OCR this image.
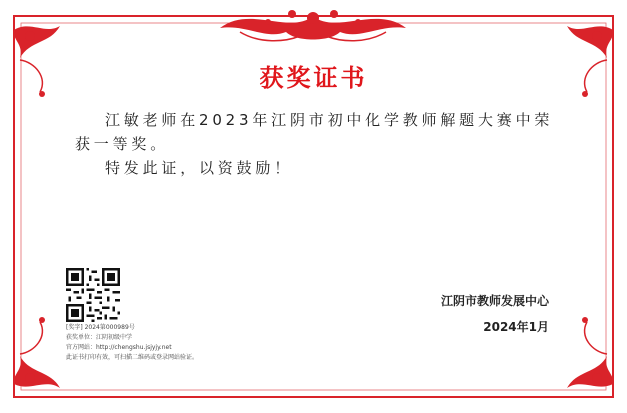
获奖证书

江敏老师在2023年江阴市初中化学教师解题大赛中荣获一等奖。

特发此证，以资鼓励！

江阴市教师发展中心
2024年1月
[奖字] 2024第000989号
获奖单位：江阴初级中学
官方网站：http://chengshu.jsjyjy.net
此证书打印有效，可扫描二维码或登录网站验证。
